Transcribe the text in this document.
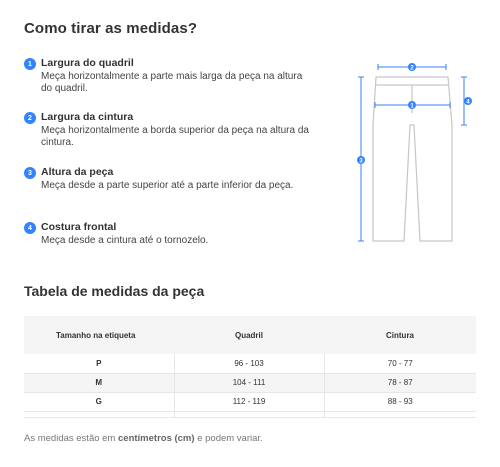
Como tirar as medidas?
1 Largura do quadril
Meça horizontalmente a parte mais larga da peça na altura do quadril.
2 Largura da cintura
Meça horizontalmente a borda superior da peça na altura da cintura.
3 Altura da peça
Meça desde a parte superior até a parte inferior da peça.
4 Costura frontal
Meça desde a cintura até o tornozelo.
2
1
3
4
Tabela de medidas da peça
Tamanho na etiqueta	Quadril	Cintura
P	96 - 103	70 - 77
M	104 - 111	78 - 87
G	112 - 119	88 - 93

As medidas estão em centímetros (cm) e podem variar.
